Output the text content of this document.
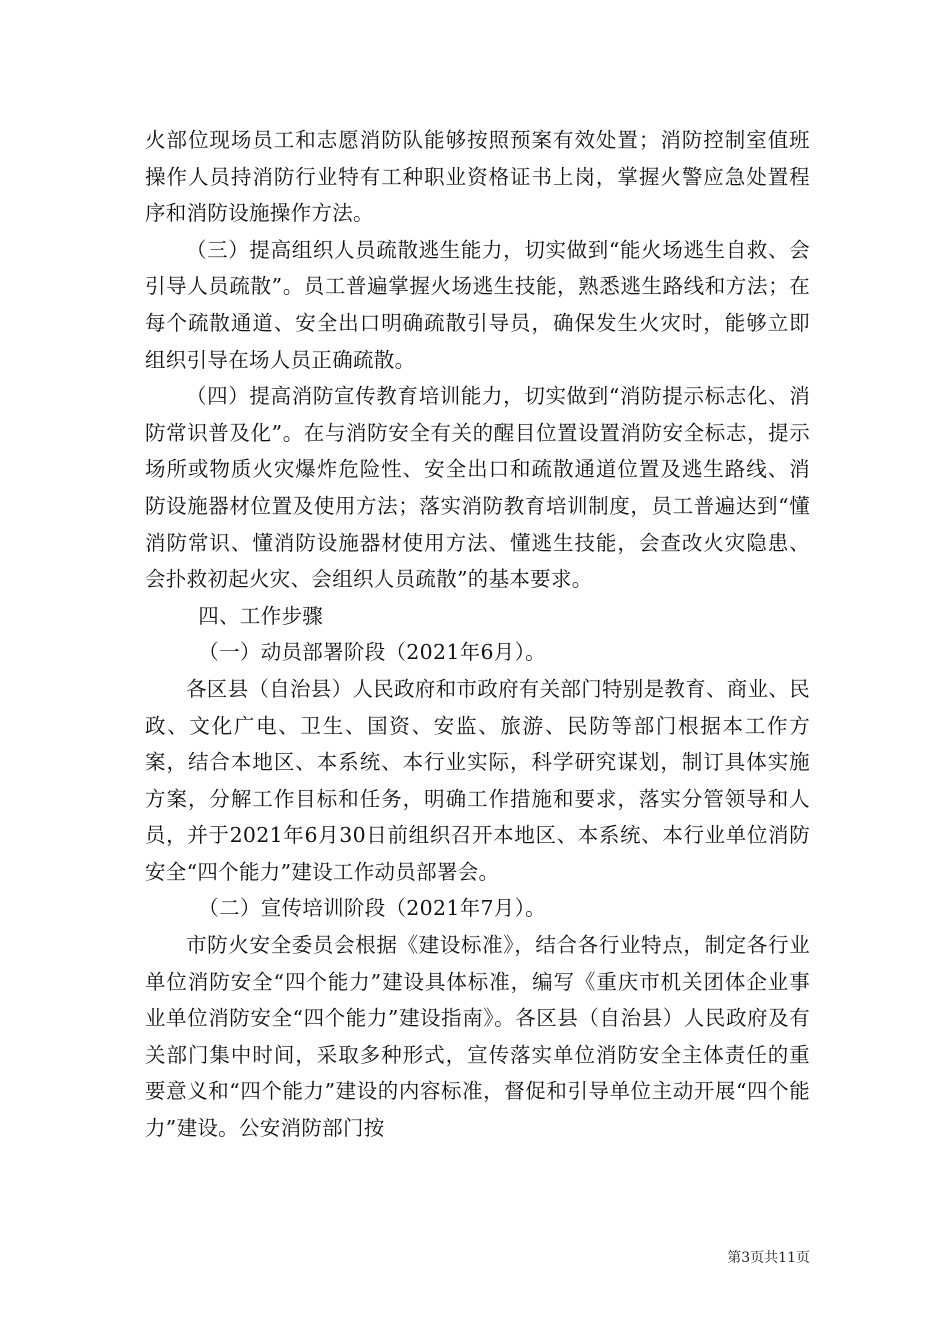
火部位现场员工和志愿消防队能够按照预案有效处置；消防控制室值班操作人员持消防行业特有工种职业资格证书上岗，掌握火警应急处置程序和消防设施操作方法。

（三）提高组织人员疏散逃生能力，切实做到“能火场逃生自救、会引导人员疏散”。员工普遍掌握火场逃生技能，熟悉逃生路线和方法；在每个疏散通道、安全出口明确疏散引导员，确保发生火灾时，能够立即组织引导在场人员正确疏散。

（四）提高消防宣传教育培训能力，切实做到“消防提示标志化、消防常识普及化”。在与消防安全有关的醒目位置设置消防安全标志，提示场所或物质火灾爆炸危险性、安全出口和疏散通道位置及逃生路线、消防设施器材位置及使用方法；落实消防教育培训制度，员工普遍达到“懂消防常识、懂消防设施器材使用方法、懂逃生技能，会查改火灾隐患、会扑救初起火灾、会组织人员疏散”的基本要求。

四、工作步骤

（一）动员部署阶段（2021年6月）。

各区县（自治县）人民政府和市政府有关部门特别是教育、商业、民政、文化广电、卫生、国资、安监、旅游、民防等部门根据本工作方案，结合本地区、本系统、本行业实际，科学研究谋划，制订具体实施方案，分解工作目标和任务，明确工作措施和要求，落实分管领导和人员，并于2021年6月30日前组织召开本地区、本系统、本行业单位消防安全“四个能力”建设工作动员部署会。

（二）宣传培训阶段（2021年7月）。

市防火安全委员会根据《建设标准》，结合各行业特点，制定各行业单位消防安全“四个能力”建设具体标准，编写《重庆市机关团体企业事业单位消防安全“四个能力”建设指南》。各区县（自治县）人民政府及有关部门集中时间，采取多种形式，宣传落实单位消防安全主体责任的重要意义和“四个能力”建设的内容标准，督促和引导单位主动开展“四个能力”建设。公安消防部门按

第3页共11页
